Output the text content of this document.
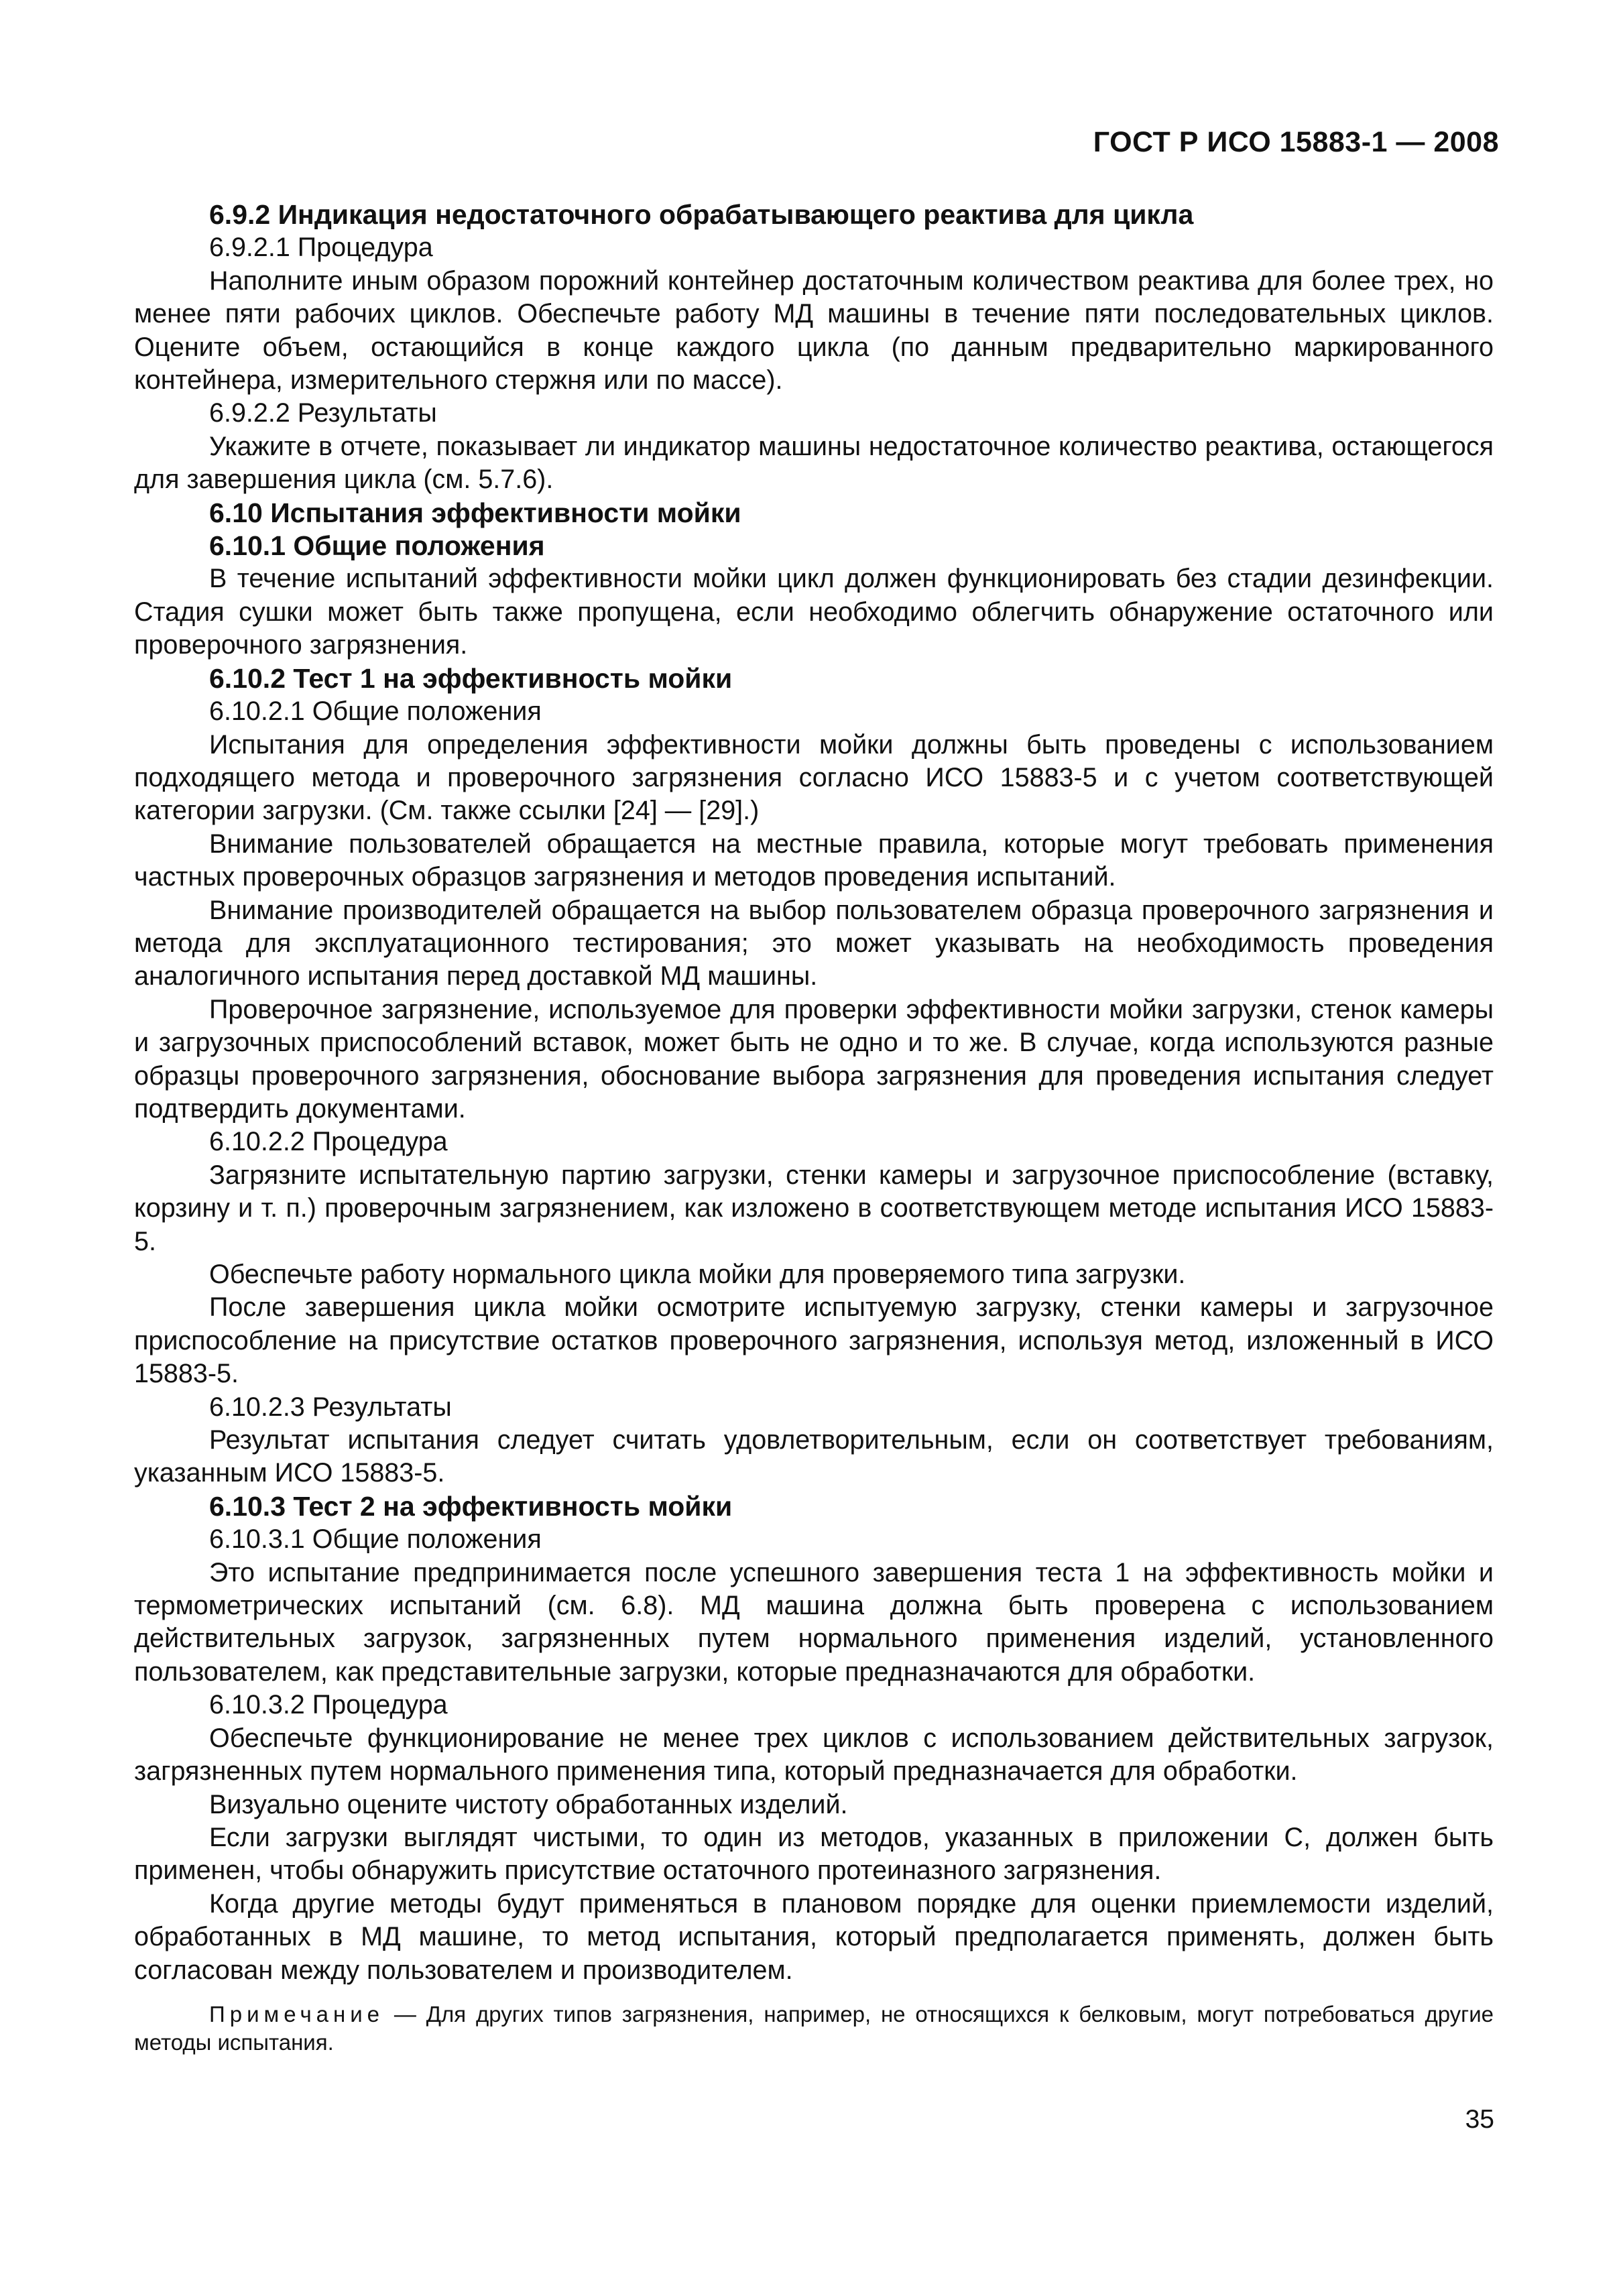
ГОСТ Р ИСО 15883-1 — 2008

6.9.2 Индикация недостаточного обрабатывающего реактива для цикла

6.9.2.1 Процедура

Наполните иным образом порожний контейнер достаточным количеством реактива для более трех, но менее пяти рабочих циклов. Обеспечьте работу МД машины в течение пяти последовательных циклов. Оцените объем, остающийся в конце каждого цикла (по данным предварительно маркированного контейнера, измерительного стержня или по массе).

6.9.2.2 Результаты

Укажите в отчете, показывает ли индикатор машины недостаточное количество реактива, остающегося для завершения цикла (см. 5.7.6).

6.10 Испытания эффективности мойки

6.10.1 Общие положения

В течение испытаний эффективности мойки цикл должен функционировать без стадии дезинфекции. Стадия сушки может быть также пропущена, если необходимо облегчить обнаружение остаточного или проверочного загрязнения.

6.10.2 Тест 1 на эффективность мойки

6.10.2.1 Общие положения

Испытания для определения эффективности мойки должны быть проведены с использованием подходящего метода и проверочного загрязнения согласно ИСО 15883-5 и с учетом соответствующей категории загрузки. (См. также ссылки [24] — [29].)

Внимание пользователей обращается на местные правила, которые могут требовать применения частных проверочных образцов загрязнения и методов проведения испытаний.

Внимание производителей обращается на выбор пользователем образца проверочного загрязнения и метода для эксплуатационного тестирования; это может указывать на необходимость проведения аналогичного испытания перед доставкой МД машины.

Проверочное загрязнение, используемое для проверки эффективности мойки загрузки, стенок камеры и загрузочных приспособлений вставок, может быть не одно и то же. В случае, когда используются разные образцы проверочного загрязнения, обоснование выбора загрязнения для проведения испытания следует подтвердить документами.

6.10.2.2 Процедура

Загрязните испытательную партию загрузки, стенки камеры и загрузочное приспособление (вставку, корзину и т. п.) проверочным загрязнением, как изложено в соответствующем методе испытания ИСО 15883-5.

Обеспечьте работу нормального цикла мойки для проверяемого типа загрузки.

После завершения цикла мойки осмотрите испытуемую загрузку, стенки камеры и загрузочное приспособление на присутствие остатков проверочного загрязнения, используя метод, изложенный в ИСО 15883-5.

6.10.2.3 Результаты

Результат испытания следует считать удовлетворительным, если он соответствует требованиям, указанным ИСО 15883-5.

6.10.3 Тест 2 на эффективность мойки

6.10.3.1 Общие положения

Это испытание предпринимается после успешного завершения теста 1 на эффективность мойки и термометрических испытаний (см. 6.8). МД машина должна быть проверена с использованием действительных загрузок, загрязненных путем нормального применения изделий, установленного пользователем, как представительные загрузки, которые предназначаются для обработки.

6.10.3.2 Процедура

Обеспечьте функционирование не менее трех циклов с использованием действительных загрузок, загрязненных путем нормального применения типа, который предназначается для обработки.

Визуально оцените чистоту обработанных изделий.

Если загрузки выглядят чистыми, то один из методов, указанных в приложении С, должен быть применен, чтобы обнаружить присутствие остаточного протеиназного загрязнения.

Когда другие методы будут применяться в плановом порядке для оценки приемлемости изделий, обработанных в МД машине, то метод испытания, который предполагается применять, должен быть согласован между пользователем и производителем.

Примечание — Для других типов загрязнения, например, не относящихся к белковым, могут потребоваться другие методы испытания.

35
